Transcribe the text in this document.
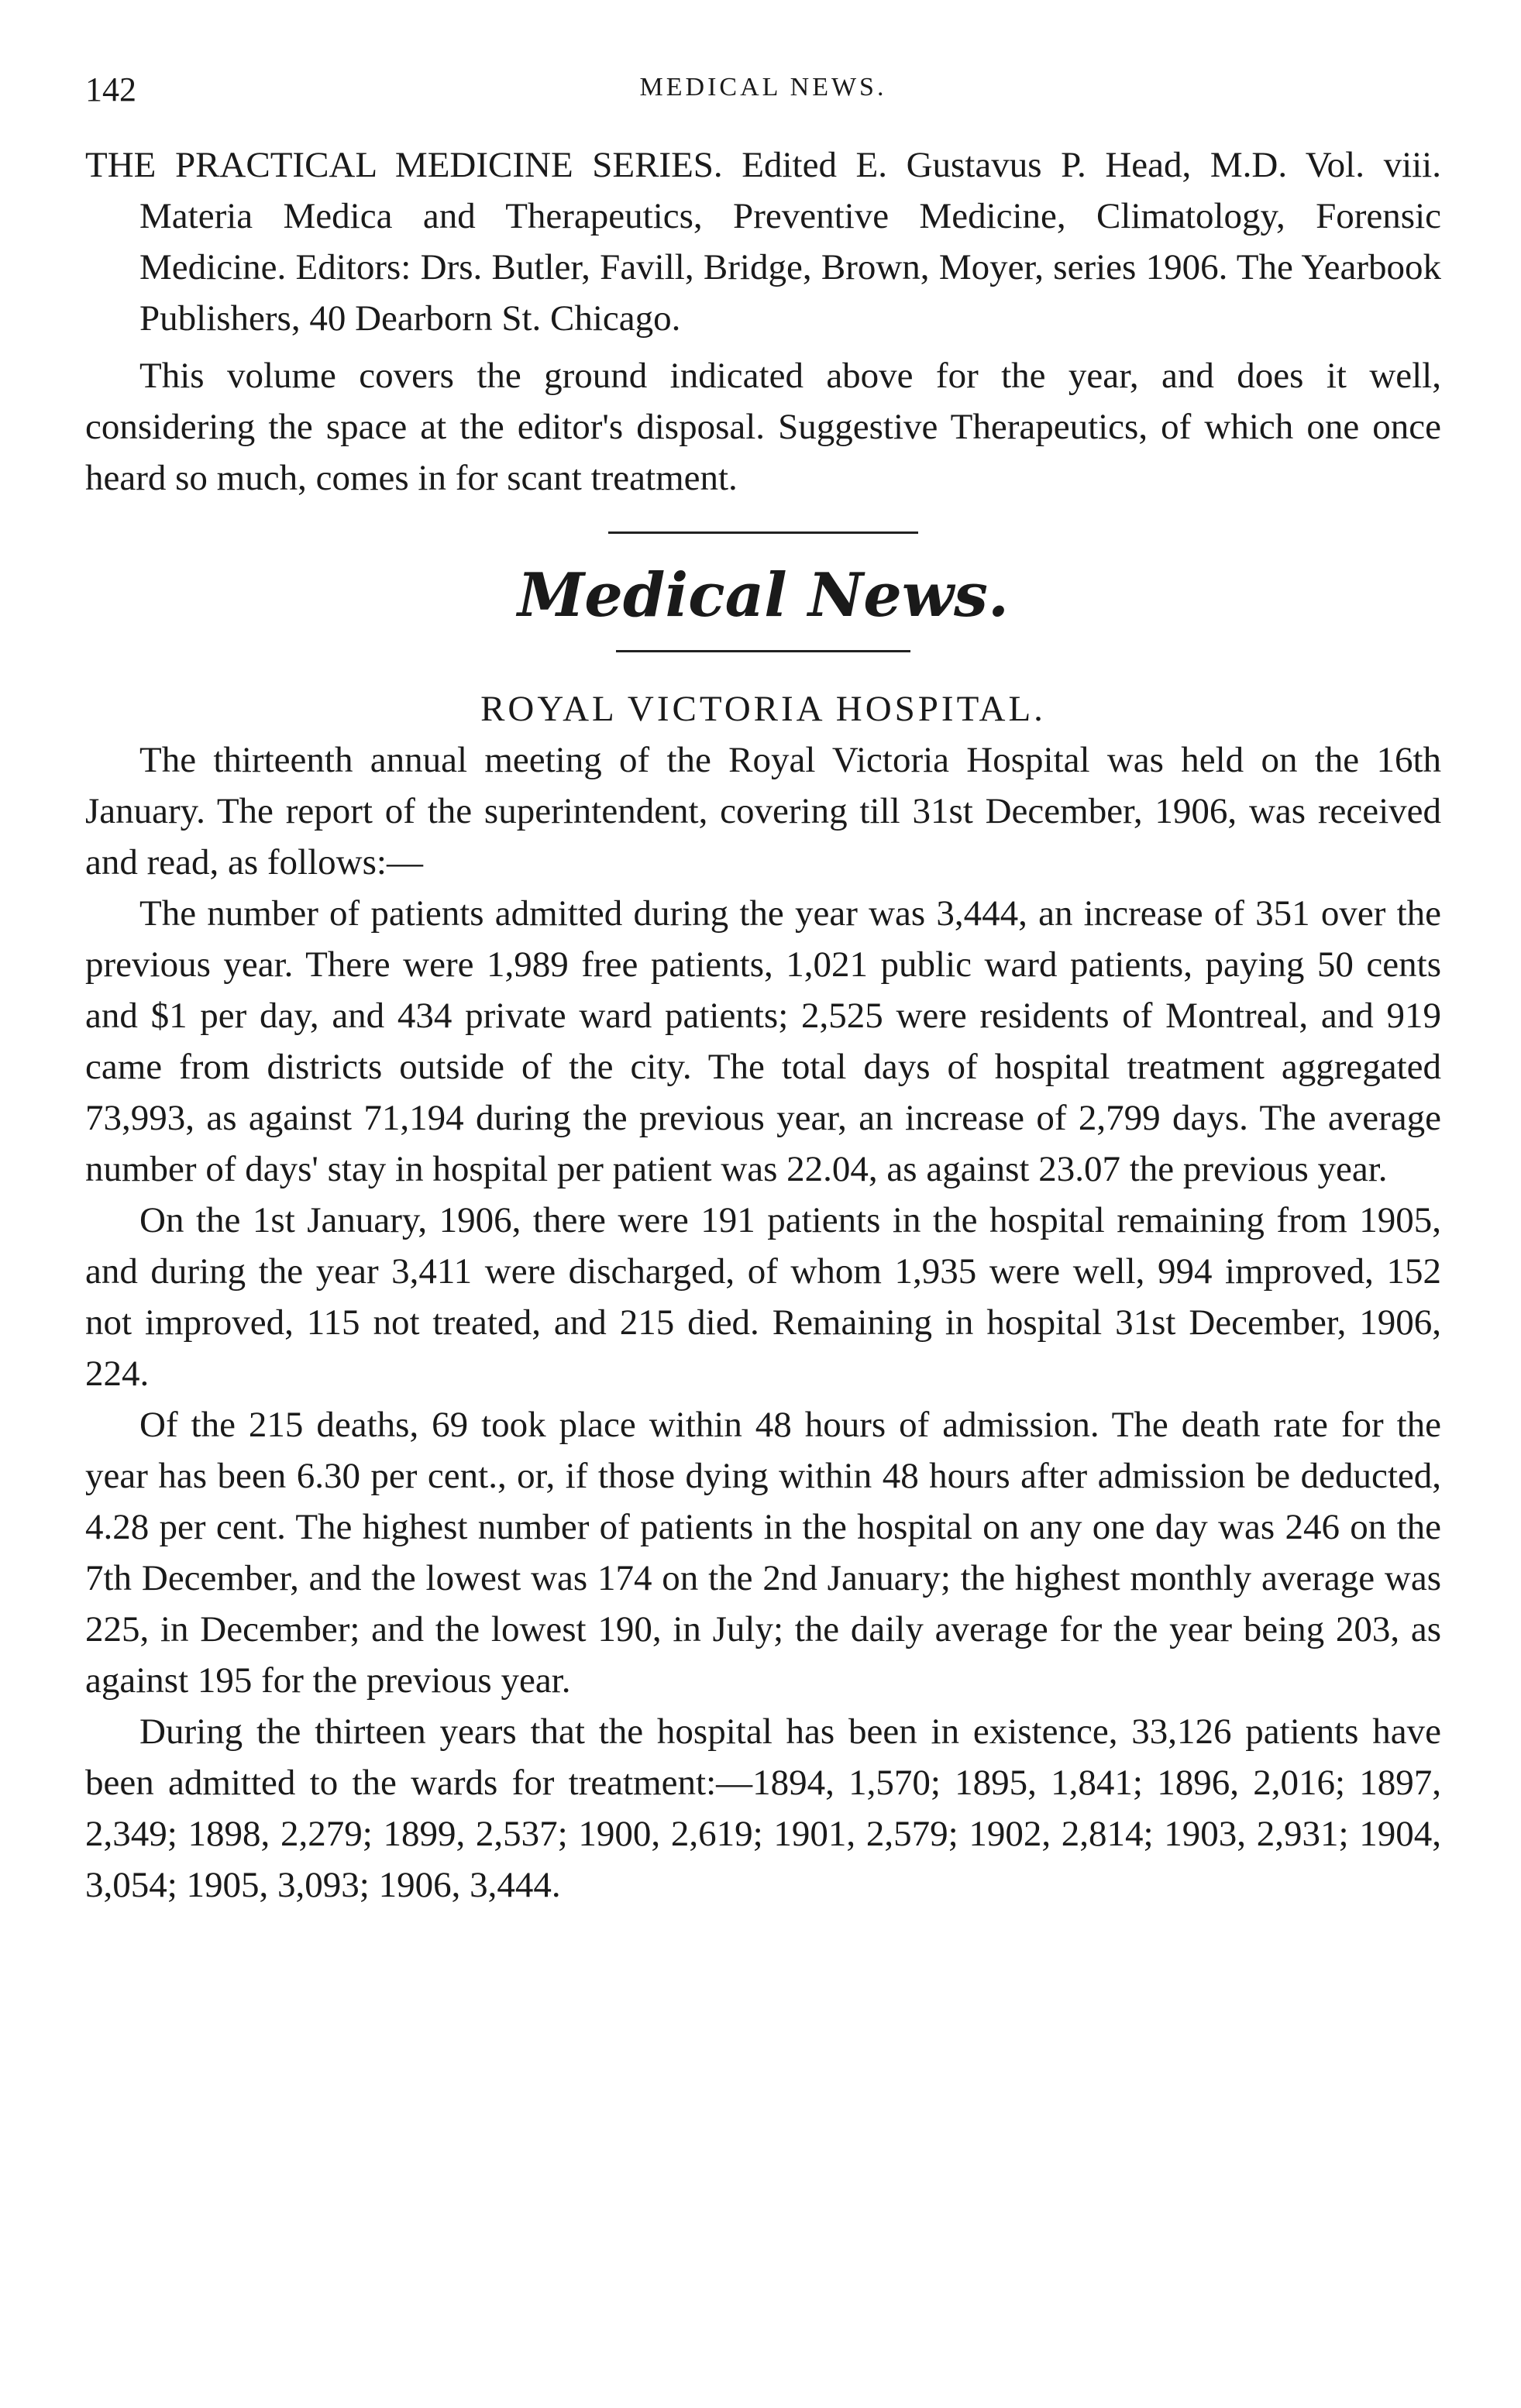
142	MEDICAL NEWS.

THE PRACTICAL MEDICINE SERIES. Edited E. Gustavus P. Head, M.D. Vol. viii. Materia Medica and Therapeutics, Preventive Medicine, Climatology, Forensic Medicine. Editors: Drs. Butler, Favill, Bridge, Brown, Moyer, series 1906. The Yearbook Publishers, 40 Dearborn St. Chicago.

This volume covers the ground indicated above for the year, and does it well, considering the space at the editor's disposal. Suggestive Therapeutics, of which one once heard so much, comes in for scant treatment.

Medical News.
ROYAL VICTORIA HOSPITAL.

The thirteenth annual meeting of the Royal Victoria Hospital was held on the 16th January. The report of the superintendent, covering till 31st December, 1906, was received and read, as follows:—

The number of patients admitted during the year was 3,444, an increase of 351 over the previous year. There were 1,989 free patients, 1,021 public ward patients, paying 50 cents and $1 per day, and 434 private ward patients; 2,525 were residents of Montreal, and 919 came from districts outside of the city. The total days of hospital treatment aggregated 73,993, as against 71,194 during the previous year, an increase of 2,799 days. The average number of days' stay in hospital per patient was 22.04, as against 23.07 the previous year.

On the 1st January, 1906, there were 191 patients in the hospital remaining from 1905, and during the year 3,411 were discharged, of whom 1,935 were well, 994 improved, 152 not improved, 115 not treated, and 215 died. Remaining in hospital 31st December, 1906, 224.

Of the 215 deaths, 69 took place within 48 hours of admission. The death rate for the year has been 6.30 per cent., or, if those dying within 48 hours after admission be deducted, 4.28 per cent. The highest number of patients in the hospital on any one day was 246 on the 7th December, and the lowest was 174 on the 2nd January; the highest monthly average was 225, in December; and the lowest 190, in July; the daily average for the year being 203, as against 195 for the previous year.

During the thirteen years that the hospital has been in existence, 33,126 patients have been admitted to the wards for treatment:—1894, 1,570; 1895, 1,841; 1896, 2,016; 1897, 2,349; 1898, 2,279; 1899, 2,537; 1900, 2,619; 1901, 2,579; 1902, 2,814; 1903, 2,931; 1904, 3,054; 1905, 3,093; 1906, 3,444.
